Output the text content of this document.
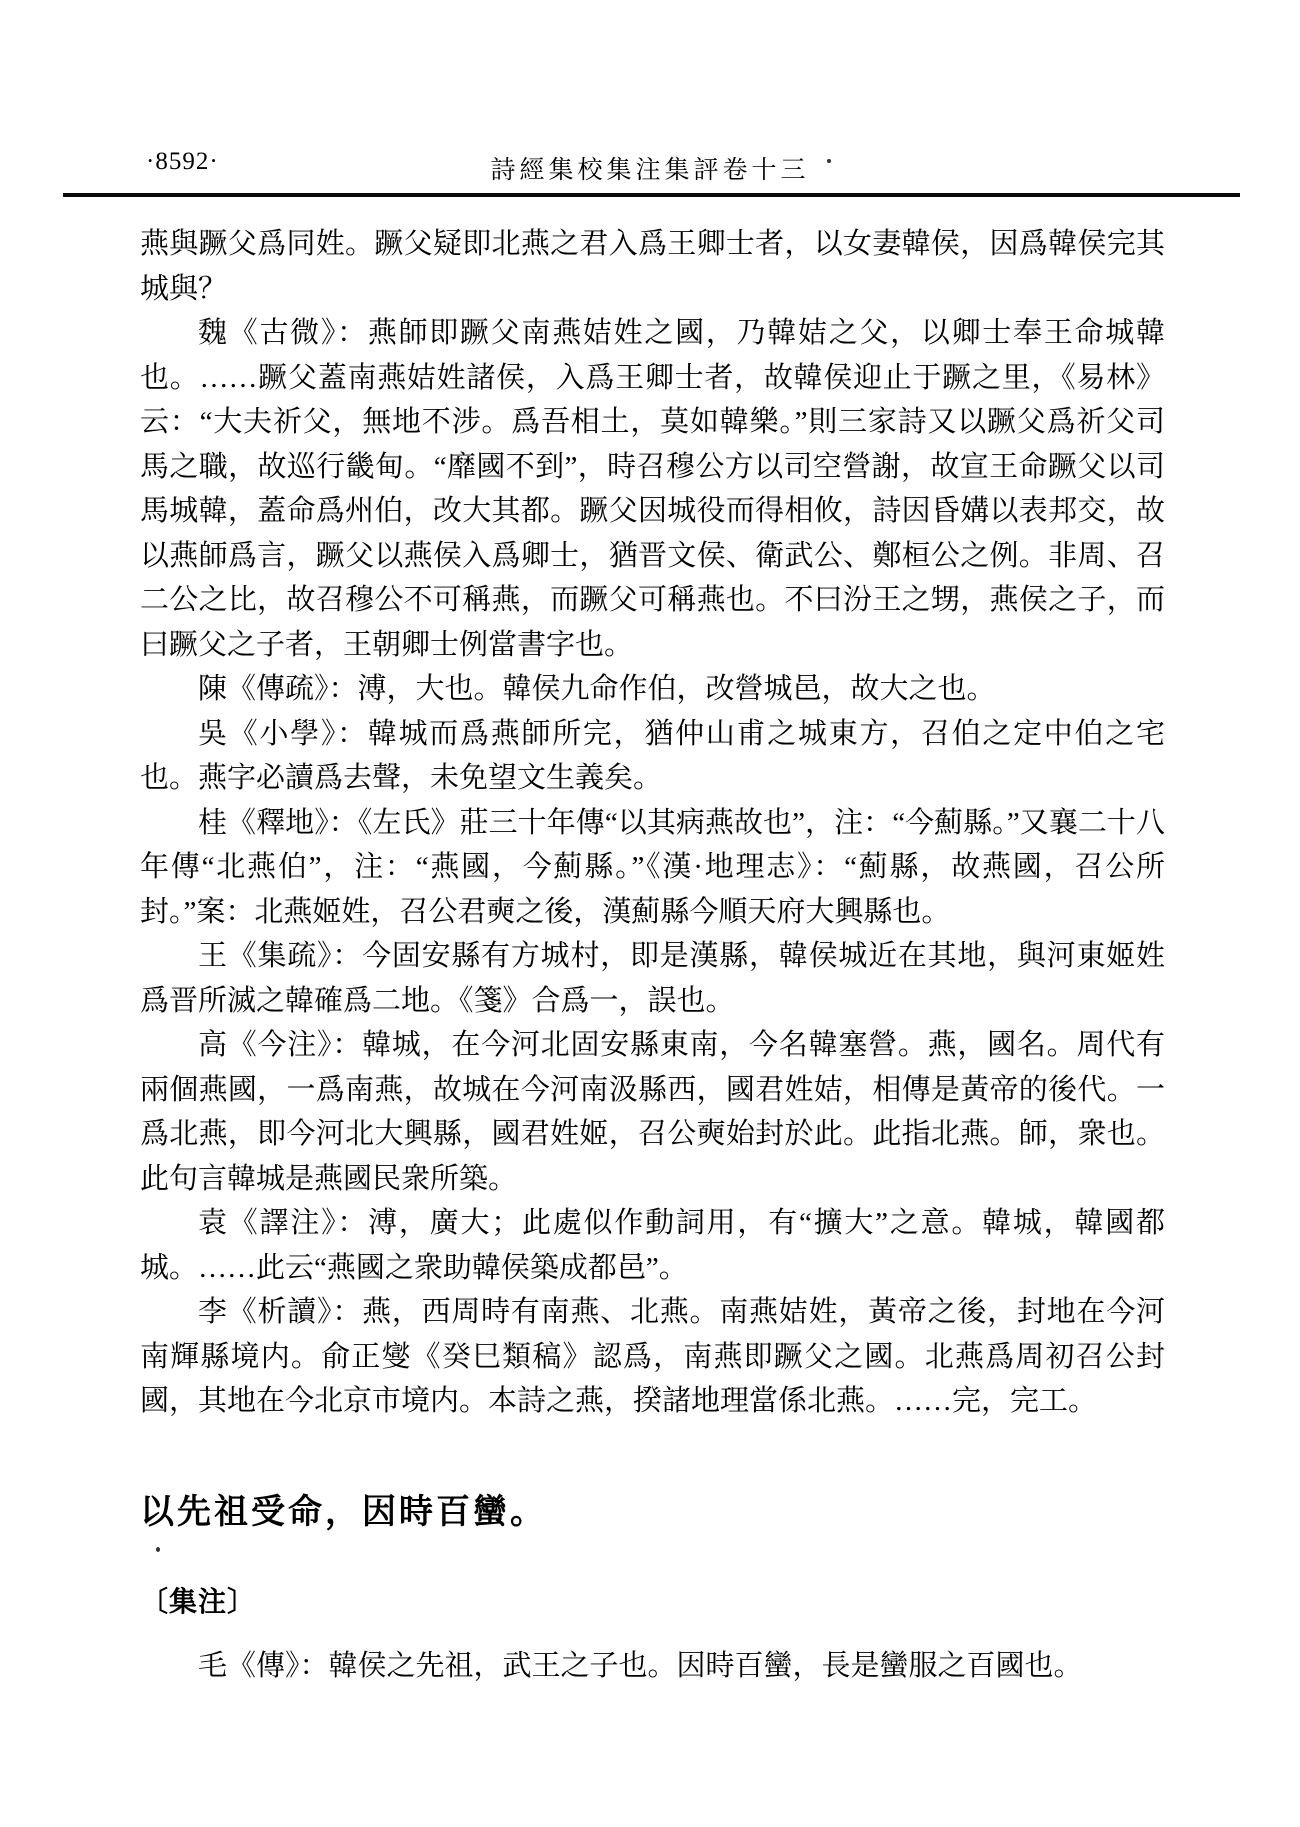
·8592·	詩經集校集注集評卷十三

燕與蹶父爲同姓。蹶父疑即北燕之君入爲王卿士者，以女妻韓侯，因爲韓侯完其城與？

魏《古微》：燕師即蹶父南燕姞姓之國，乃韓姞之父，以卿士奉王命城韓也。……蹶父蓋南燕姞姓諸侯，入爲王卿士者，故韓侯迎止于蹶之里，《易林》云：“大夫祈父，無地不涉。爲吾相土，莫如韓樂。”則三家詩又以蹶父爲祈父司馬之職，故巡行畿甸。“靡國不到”，時召穆公方以司空營謝，故宣王命蹶父以司馬城韓，蓋命爲州伯，改大其都。蹶父因城役而得相攸，詩因昏媾以表邦交，故以燕師爲言，蹶父以燕侯入爲卿士，猶晋文侯、衛武公、鄭桓公之例。非周、召二公之比，故召穆公不可稱燕，而蹶父可稱燕也。不曰汾王之甥，燕侯之子，而曰蹶父之子者，王朝卿士例當書字也。

陳《傳疏》：溥，大也。韓侯九命作伯，改營城邑，故大之也。

吳《小學》：韓城而爲燕師所完，猶仲山甫之城東方，召伯之定中伯之宅也。燕字必讀爲去聲，未免望文生義矣。

桂《釋地》：《左氏》莊三十年傳“以其病燕故也”，注：“今薊縣。”又襄二十八年傳“北燕伯”，注：“燕國，今薊縣。”《漢·地理志》：“薊縣，故燕國，召公所封。”案：北燕姬姓，召公君奭之後，漢薊縣今順天府大興縣也。

王《集疏》：今固安縣有方城村，即是漢縣，韓侯城近在其地，與河東姬姓爲晋所滅之韓確爲二地。《箋》合爲一，誤也。

高《今注》：韓城，在今河北固安縣東南，今名韓塞營。燕，國名。周代有兩個燕國，一爲南燕，故城在今河南汲縣西，國君姓姞，相傳是黃帝的後代。一爲北燕，即今河北大興縣，國君姓姬，召公奭始封於此。此指北燕。師，衆也。此句言韓城是燕國民衆所築。

袁《譯注》：溥，廣大；此處似作動詞用，有“擴大”之意。韓城，韓國都城。……此云“燕國之衆助韓侯築成都邑”。

李《析讀》：燕，西周時有南燕、北燕。南燕姞姓，黃帝之後，封地在今河南輝縣境内。俞正燮《癸巳類稿》認爲，南燕即蹶父之國。北燕爲周初召公封國，其地在今北京市境内。本詩之燕，揆諸地理當係北燕。……完，完工。

以先祖受命，因時百蠻。
〔集注〕

毛《傳》：韓侯之先祖，武王之子也。因時百蠻，長是蠻服之百國也。
